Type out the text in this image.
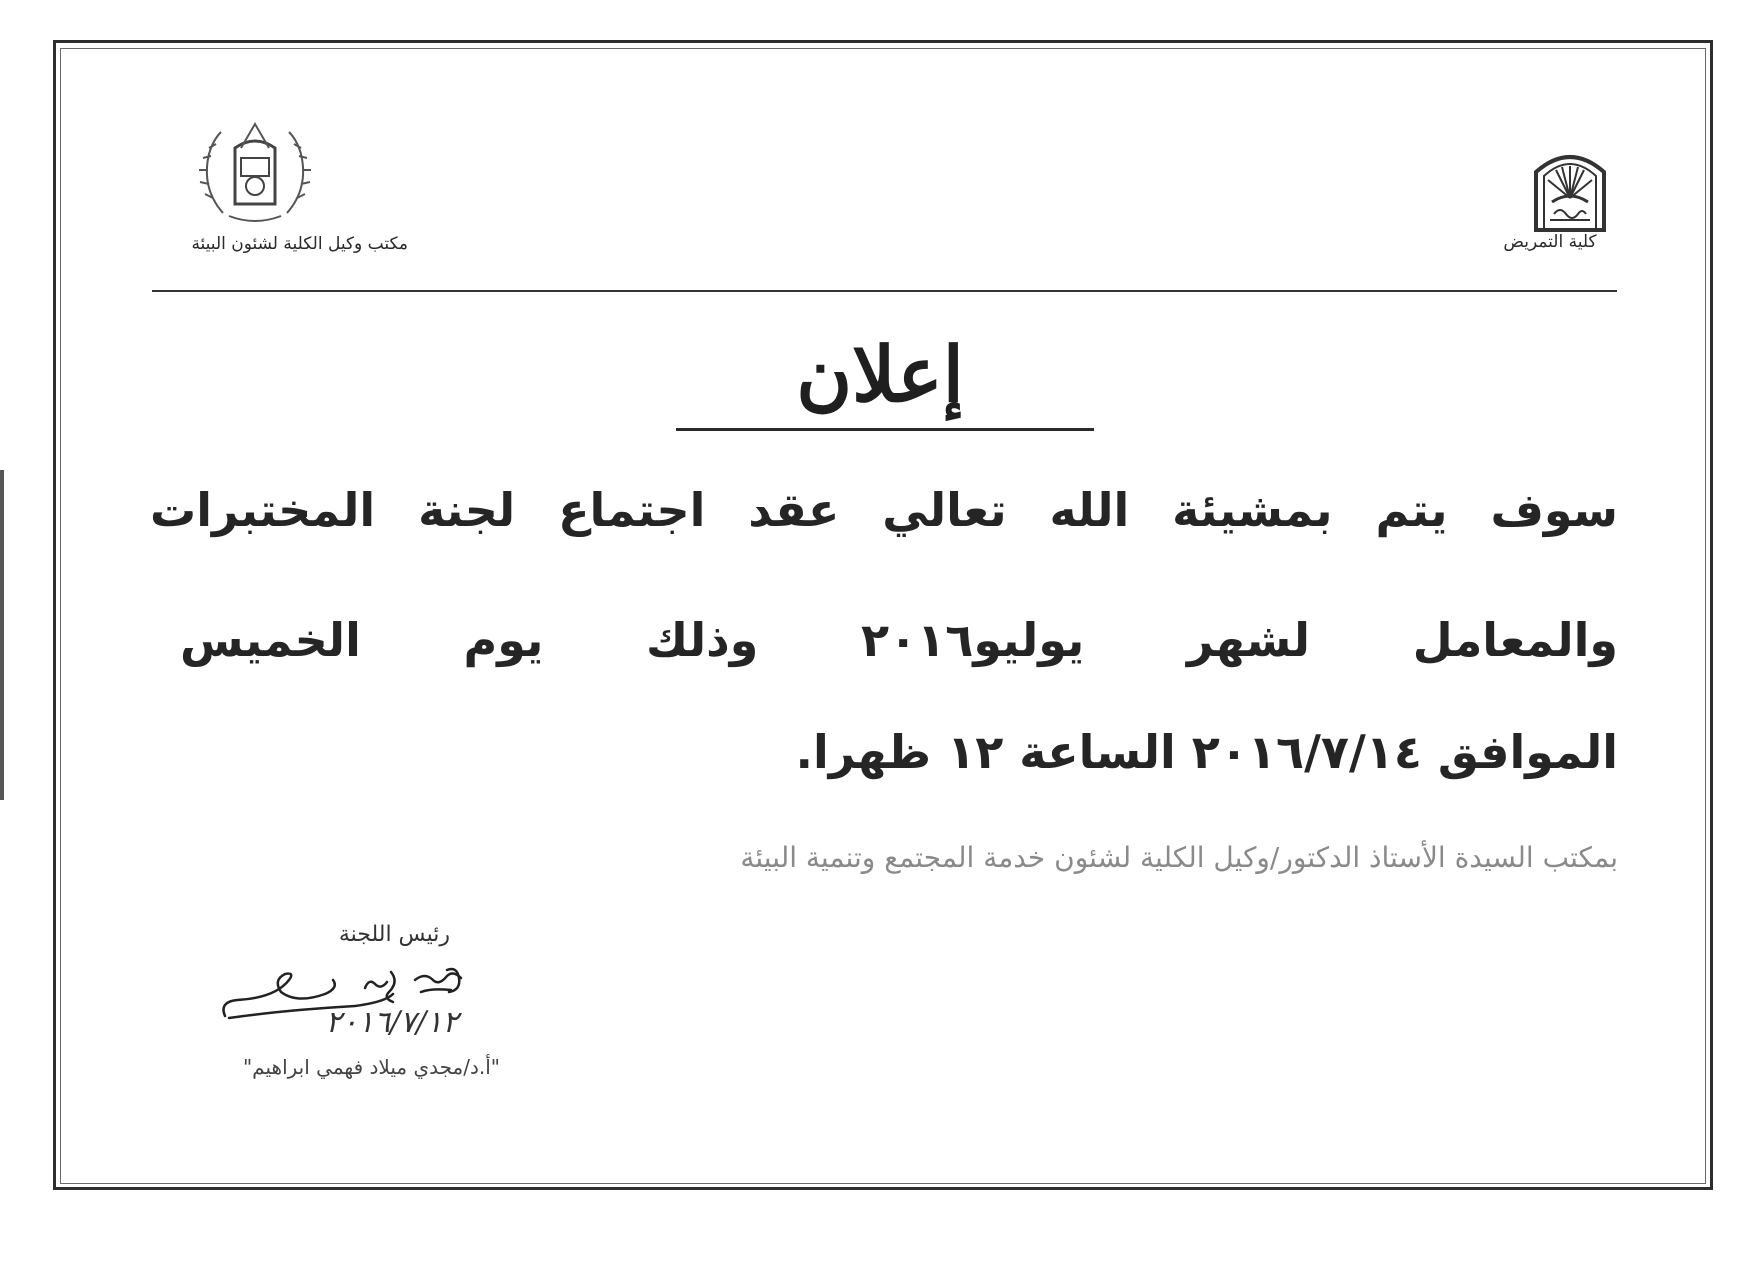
كلية التمريض
مكتب وكيل الكلية لشئون البيئة
إعلان
سوف يتم بمشيئة الله تعالي عقد اجتماع لجنة المختبرات
والمعامل لشهر يوليو٢٠١٦ وذلك يوم الخميس
الموافق ٢٠١٦/٧/١٤ الساعة ١٢ ظهرا.
بمكتب السيدة الأستاذ الدكتور/وكيل الكلية لشئون خدمة المجتمع وتنمية البيئة
رئيس اللجنة
٢٠١٦/٧/١٢
"أ.د/مجدي ميلاد فهمي ابراهيم"
